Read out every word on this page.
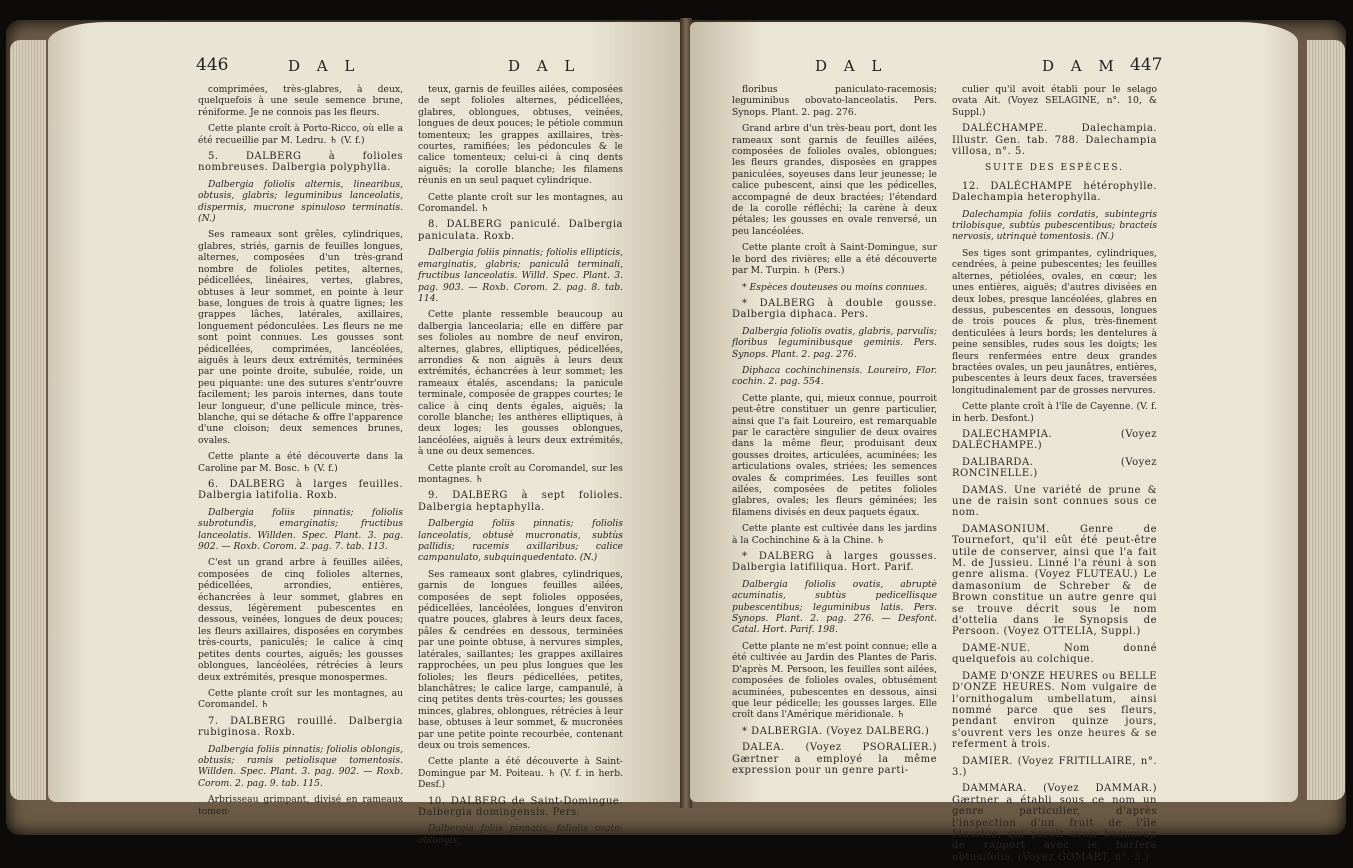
446	D A L	D A L

comprimées, très-glabres, à deux, quelquefois à une seule semence brune, réniforme. Je ne connois pas les fleurs.

Cette plante croît à Porto-Ricco, où elle a été recueillie par M. Ledru. ♄ (V. f.)

5. DALBERG à folioles nombreuses. Dalbergia polyphylla.

Dalbergia foliolis alternis, linearibus, obtusis, glabris; leguminibus lanceolatis, dispermis, mucrone spinuloso terminatis. (N.)

Ses rameaux sont grêles, cylindriques, glabres, striés, garnis de feuilles longues, alternes, composées d'un très-grand nombre de folioles petites, alternes, pédicellées, linéaires, vertes, glabres, obtuses à leur sommet, en pointe à leur base, longues de trois à quatre lignes; les grappes lâches, latérales, axillaires, longuement pédonculées. Les fleurs ne me sont point connues. Les gousses sont pédicellées, comprimées, lancéolées, aiguës à leurs deux extrémités, terminées par une pointe droite, subulée, roide, un peu piquante: une des sutures s'entr'ouvre facilement; les parois internes, dans toute leur longueur, d'une pellicule mince, très-blanche, qui se détache & offre l'apparence d'une cloison; deux semences brunes, ovales.

Cette plante a été découverte dans la Caroline par M. Bosc. ♄ (V. f.)

6. DALBERG à larges feuilles. Dalbergia latifolia. Roxb.

Dalbergia foliis pinnatis; foliolis subrotundis, emarginatis; fructibus lanceolatis. Willden. Spec. Plant. 3. pag. 902. — Roxb. Corom. 2. pag. 7. tab. 113.

C'est un grand arbre à feuilles ailées, composées de cinq folioles alternes, pédicellées, arrondies, entières, échancrées à leur sommet, glabres en dessus, légèrement pubescentes en dessous, veinées, longues de deux pouces; les fleurs axillaires, disposées en corymbes très-courts, paniculés; le calice à cinq petites dents courtes, aiguës; les gousses oblongues, lancéolées, rétrécies à leurs deux extrémités, presque monospermes.

Cette plante croît sur les montagnes, au Coromandel. ♄

7. DALBERG rouillé. Dalbergia rubiginosa. Roxb.

Dalbergia foliis pinnatis; foliolis oblongis, obtusis; ramis petiolisque tomentosis. Willden. Spec. Plant. 3. pag. 902. — Roxb. Corom. 2. pag. 9. tab. 115.

Arbrisseau grimpant, divisé en rameaux tomen-

teux, garnis de feuilles ailées, composées de sept folioles alternes, pédicellées, glabres, oblongues, obtuses, veinées, longues de deux pouces; le pétiole commun tomenteux; les grappes axillaires, très-courtes, ramifiées; les pédoncules & le calice tomenteux; celui-ci à cinq dents aiguës; la corolle blanche; les filamens réunis en un seul paquet cylindrique.

Cette plante croît sur les montagnes, au Coromandel. ♄

8. DALBERG paniculé. Dalbergia paniculata. Roxb.

Dalbergia foliis pinnatis; foliolis ellipticis, emarginatis, glabris; paniculâ terminali, fructibus lanceolatis. Willd. Spec. Plant. 3. pag. 903. — Roxb. Corom. 2. pag. 8. tab. 114.

Cette plante ressemble beaucoup au dalbergia lanceolaria; elle en diffère par ses folioles au nombre de neuf environ, alternes, glabres, elliptiques, pédicellées, arrondies & non aiguës à leurs deux extrémités, échancrées à leur sommet; les rameaux étalés, ascendans; la panicule terminale, composée de grappes courtes; le calice à cinq dents égales, aiguës; la corolle blanche; les anthères elliptiques, à deux loges; les gousses oblongues, lancéolées, aiguës à leurs deux extrémités, à une ou deux semences.

Cette plante croît au Coromandel, sur les montagnes. ♄

9. DALBERG à sept folioles. Dalbergia heptaphylla.

Dalbergia foliis pinnatis; foliolis lanceolatis, obtusè mucronatis, subtùs pallidis; racemis axillaribus; calice campanulato, subquinquedentato. (N.)

Ses rameaux sont glabres, cylindriques, garnis de longues feuilles ailées, composées de sept folioles opposées, pédicellées, lancéolées, longues d'environ quatre pouces, glabres à leurs deux faces, pâles & cendrées en dessous, terminées par une pointe obtuse, à nervures simples, latérales, saillantes; les grappes axillaires rapprochées, un peu plus longues que les folioles; les fleurs pédicellées, petites, blanchâtres; le calice large, campanulé, à cinq petites dents très-courtes; les gousses minces, glabres, oblongues, rétrécies à leur base, obtuses à leur sommet, & mucronées par une petite pointe recourbée, contenant deux ou trois semences.

Cette plante a été découverte à Saint-Domingue par M. Poiteau. ♄ (V. f. in herb. Desf.)

10. DALBERG de Saint-Domingue. Dalbergia domingensis. Pers.

Dalbergia foliis pinnatis, foliolis ovato-oblongis,

D A L	D A M 447

floribus paniculato-racemosis; leguminibus obovato-lanceolatis. Pers. Synops. Plant. 2. pag. 276.

Grand arbre d'un très-beau port, dont les rameaux sont garnis de feuilles ailées, composées de folioles ovales, oblongues; les fleurs grandes, disposées en grappes paniculées, soyeuses dans leur jeunesse; le calice pubescent, ainsi que les pédicelles, accompagné de deux bractées; l'étendard de la corolle réfléchi; la carène à deux pétales; les gousses en ovale renversé, un peu lancéolées.

Cette plante croît à Saint-Domingue, sur le bord des rivières; elle a été découverte par M. Turpin. ♄ (Pers.)

* Espèces douteuses ou moins connues.

* DALBERG à double gousse. Dalbergia diphaca. Pers.

Dalbergia foliolis ovatis, glabris, parvulis; floribus leguminibusque geminis. Pers. Synops. Plant. 2. pag. 276.

Diphaca cochinchinensis. Loureiro, Flor. cochin. 2. pag. 554.

Cette plante, qui, mieux connue, pourroit peut-être constituer un genre particulier, ainsi que l'a fait Loureiro, est remarquable par le caractère singulier de deux ovaires dans la même fleur, produisant deux gousses droites, articulées, acuminées; les articulations ovales, striées; les semences ovales & comprimées. Les feuilles sont ailées, composées de petites folioles glabres, ovales; les fleurs géminées; les filamens divisés en deux paquets égaux.

Cette plante est cultivée dans les jardins à la Cochinchine & à la Chine. ♄

* DALBERG à larges gousses. Dalbergia latifiliqua. Hort. Parif.

Dalbergia foliolis ovatis, abruptè acuminatis, subtùs pedicellisque pubescentibus; leguminibus latis. Pers. Synops. Plant. 2. pag. 276. — Desfont. Catal. Hort. Parif. 198.

Cette plante ne m'est point connue; elle a été cultivée au Jardin des Plantes de Paris. D'après M. Persoon, les feuilles sont ailées, composées de folioles ovales, obtusément acuminées, pubescentes en dessous, ainsi que leur pédicelle; les gousses larges. Elle croît dans l'Amérique méridionale. ♄

* DALBERGIA. (Voyez DALBERG.)

DALEA. (Voyez PSORALIER.) Gærtner a employé la même expression pour un genre parti-

culier qu'il avoit établi pour le selago ovata Ait. (Voyez SELAGINE, n°. 10, & Suppl.)

DALÉCHAMPE. Dalechampia. Illustr. Gen. tab. 788. Dalechampia villosa, n°. 5.

SUITE DES ESPÈCES.

12. DALÉCHAMPE hétérophylle. Dalechampia heterophylla.

Dalechampia foliis cordatis, subintegris trilobisque, subtùs pubescentibus; bracteis nervosis, utrinquè tomentosis. (N.)

Ses tiges sont grimpantes, cylindriques, cendrées, à peine pubescentes; les feuilles alternes, pétiolées, ovales, en cœur; les unes entières, aiguës; d'autres divisées en deux lobes, presque lancéolées, glabres en dessus, pubescentes en dessous, longues de trois pouces & plus, très-finement denticulées à leurs bords; les dentelures à peine sensibles, rudes sous les doigts; les fleurs renfermées entre deux grandes bractées ovales, un peu jaunâtres, entières, pubescentes à leurs deux faces, traversées longitudinalement par de grosses nervures.

Cette plante croît à l'île de Cayenne. (V. f. in herb. Desfont.)

DALECHAMPIA. (Voyez DALÉCHAMPE.)

DALIBARDA. (Voyez RONCINELLE.)

DAMAS. Une variété de prune & une de raisin sont connues sous ce nom.

DAMASONIUM. Genre de Tournefort, qu'il eût été peut-être utile de conserver, ainsi que l'a fait M. de Jussieu. Linné l'a réuni à son genre alisma. (Voyez FLUTEAU.) Le damasonium de Schreber & de Brown constitue un autre genre qui se trouve décrit sous le nom d'ottelia dans le Synopsis de Persoon. (Voyez OTTELIA, Suppl.)

DAME-NUE. Nom donné quelquefois au colchique.

DAME D'ONZE HEURES ou BELLE D'ONZE HEURES. Nom vulgaire de l'ornithogalum umbellatum, ainsi nommé parce que ses fleurs, pendant environ quinze jours, s'ouvrent vers les onze heures & se referment à trois.

DAMIER. (Voyez FRITILLAIRE, n°. 3.)

DAMMARA. (Voyez DAMMAR.) Gærtner a établi sous ce nom un genre particulier, d'après l'inspection d'un fruit de l'île Maurice, qui paroît avoir beaucoup de rapport avec le barfera obtusifolia. (Voyez GOMART, n°. 3.)
